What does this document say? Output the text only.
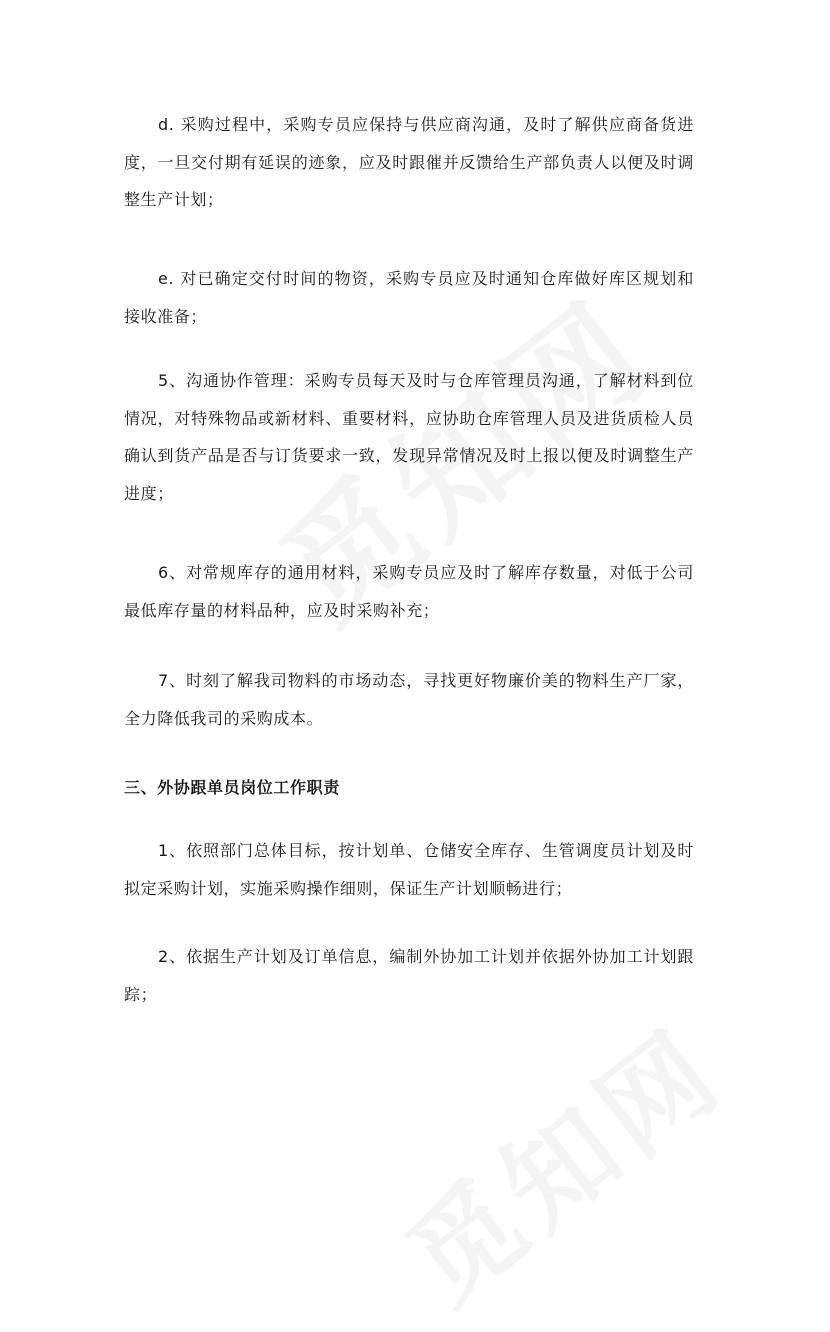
d. 采购过程中，采购专员应保持与供应商沟通，及时了解供应商备货进度，一旦交付期有延误的迹象，应及时跟催并反馈给生产部负责人以便及时调整生产计划；

e. 对已确定交付时间的物资，采购专员应及时通知仓库做好库区规划和接收准备；

5、沟通协作管理：采购专员每天及时与仓库管理员沟通，了解材料到位情况，对特殊物品或新材料、重要材料，应协助仓库管理人员及进货质检人员确认到货产品是否与订货要求一致，发现异常情况及时上报以便及时调整生产进度；

6、对常规库存的通用材料，采购专员应及时了解库存数量，对低于公司最低库存量的材料品种，应及时采购补充；

7、时刻了解我司物料的市场动态，寻找更好物廉价美的物料生产厂家，全力降低我司的采购成本。

三、外协跟单员岗位工作职责

1、依照部门总体目标，按计划单、仓储安全库存、生管调度员计划及时拟定采购计划，实施采购操作细则，保证生产计划顺畅进行；

2、依据生产计划及订单信息，编制外协加工计划并依据外协加工计划跟踪；
